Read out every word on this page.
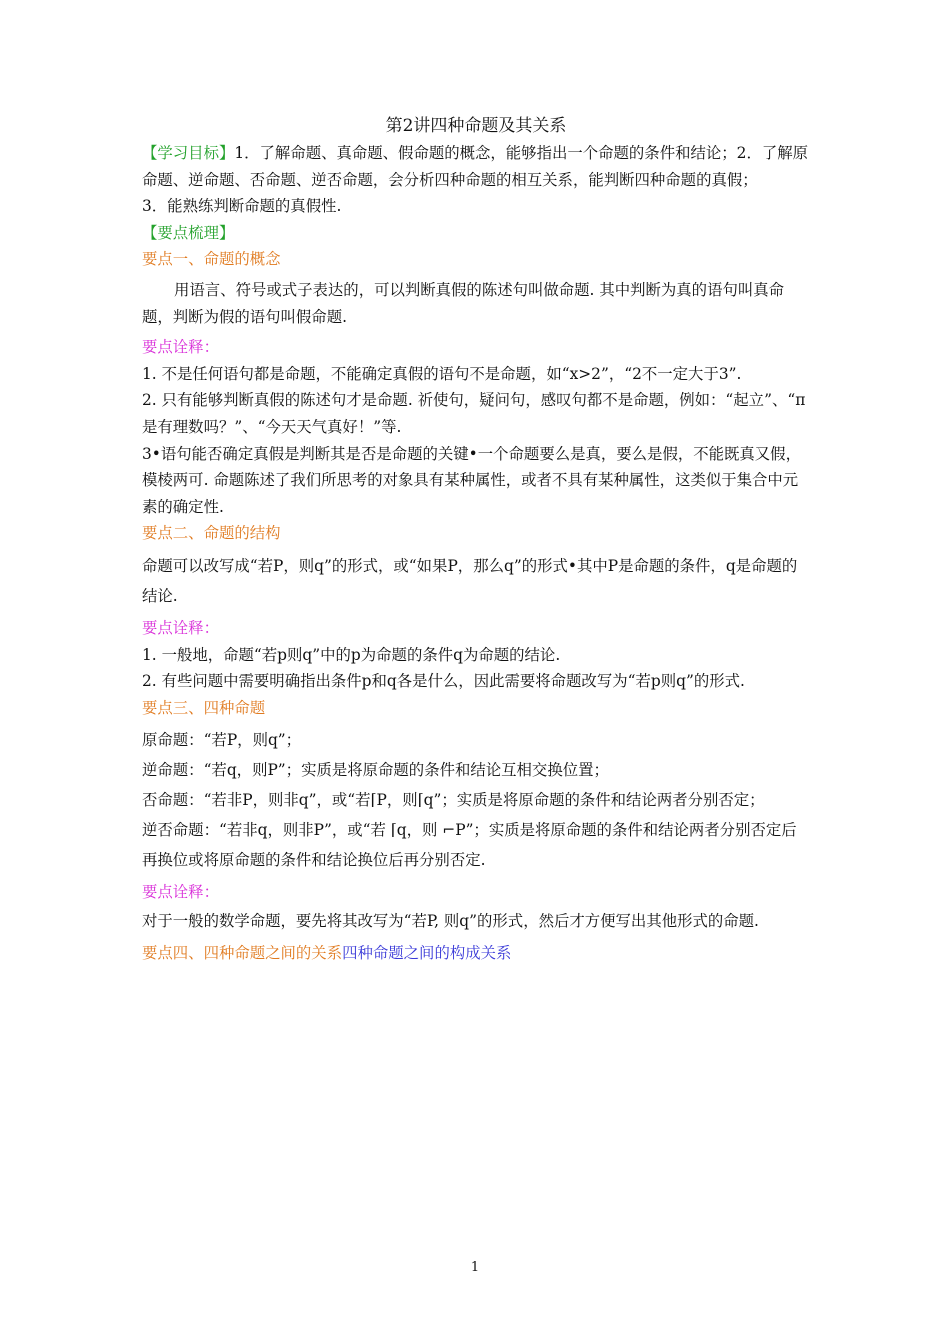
第2讲四种命题及其关系

【学习目标】1．了解命题、真命题、假命题的概念，能够指出一个命题的条件和结论；2．了解原命题、逆命题、否命题、逆否命题，会分析四种命题的相互关系，能判断四种命题的真假；

3．能熟练判断命题的真假性.

【要点梳理】

要点一、命题的概念

用语言、符号或式子表达的，可以判断真假的陈述句叫做命题. 其中判断为真的语句叫真命题，判断为假的语句叫假命题.

要点诠释：

1. 不是任何语句都是命题，不能确定真假的语句不是命题，如“x>2”，“2不一定大于3”.

2. 只有能够判断真假的陈述句才是命题. 祈使句，疑问句，感叹句都不是命题，例如：“起立”、“π是有理数吗？”、“今天天气真好！”等.

3•语句能否确定真假是判断其是否是命题的关键•一个命题要么是真，要么是假，不能既真又假，模棱两可. 命题陈述了我们所思考的对象具有某种属性，或者不具有某种属性，这类似于集合中元素的确定性.

要点二、命题的结构

命题可以改写成“若P，则q”的形式，或“如果P，那么q”的形式•其中P是命题的条件，q是命题的结论.

要点诠释：

1. 一般地，命题“若p则q”中的p为命题的条件q为命题的结论.

2. 有些问题中需要明确指出条件p和q各是什么，因此需要将命题改写为“若p则q”的形式.

要点三、四种命题

原命题：“若P，则q”；

逆命题：“若q，则P”；实质是将原命题的条件和结论互相交换位置；

否命题：“若非P，则非q”，或“若⌈P，则⌈q”；实质是将原命题的条件和结论两者分别否定；

逆否命题：“若非q，则非P”，或“若 ⌈q，则 ⌐P”；实质是将原命题的条件和结论两者分别否定后再换位或将原命题的条件和结论换位后再分别否定.

要点诠释：

对于一般的数学命题，要先将其改写为“若P, 则q”的形式，然后才方便写出其他形式的命题.

要点四、四种命题之间的关系四种命题之间的构成关系

1
